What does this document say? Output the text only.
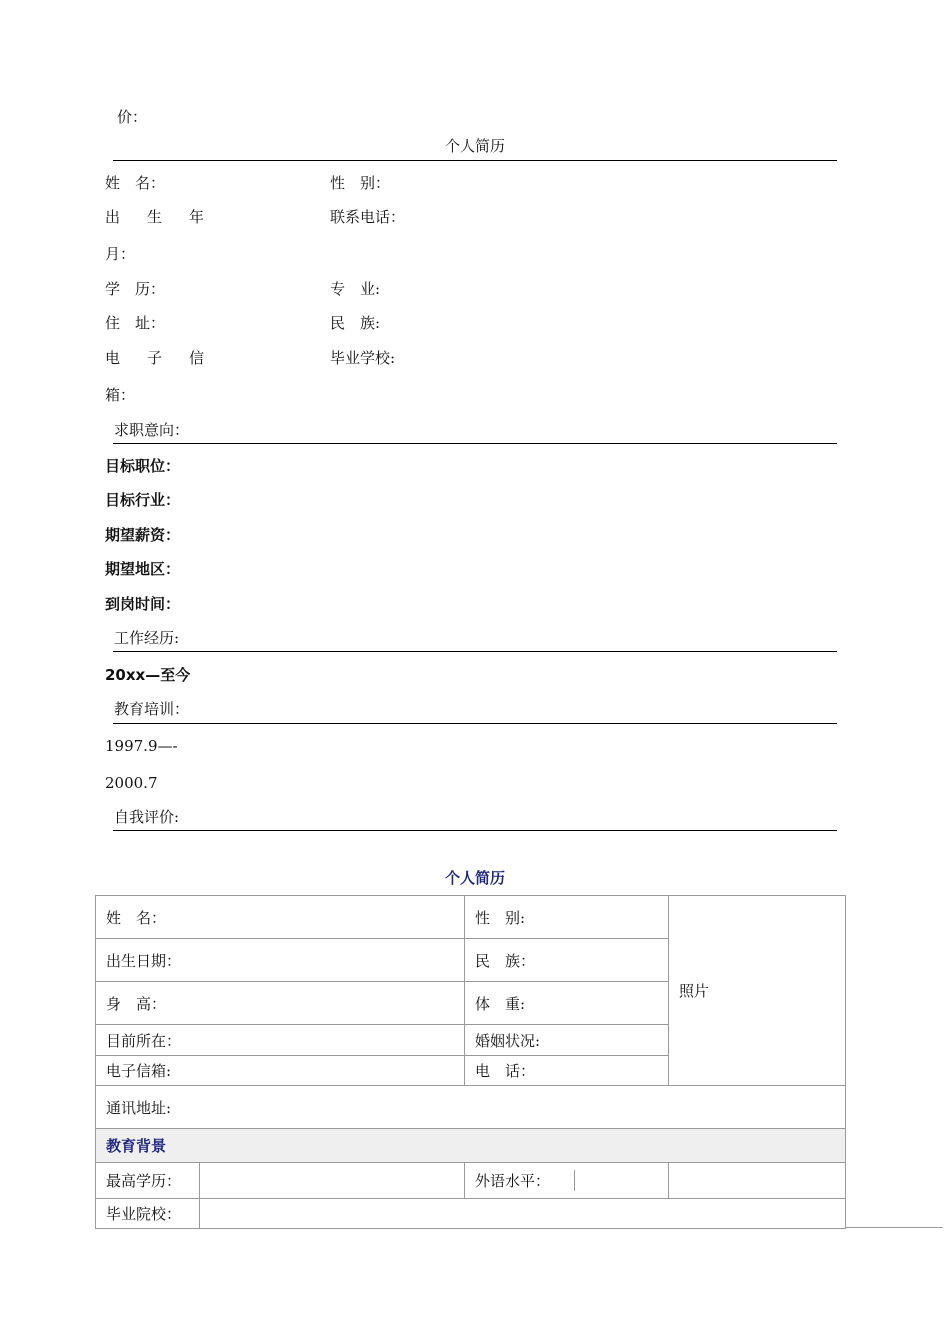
价：
个人简历
姓　名：	性　别：
出　生　年	联系电话：
月：
学　历：	专　业:
住　址：	民　族:
电　子　信	毕业学校:
箱：
求职意向：
目标职位：
目标行业：
期望薪资：
期望地区：
到岗时间：
工作经历:
20xx—至今
教育培训：
1997.9—-
2000.7
自我评价:
个人简历
姓　名：		性　别:	照片
出生日期：		民　族：	
身　高：		体　重:	
目前所在：		婚姻状况:	
电子信箱:		电　话：	
通讯地址:			
教育背景			
最高学历：		外语水平：	

毕业院校：			
